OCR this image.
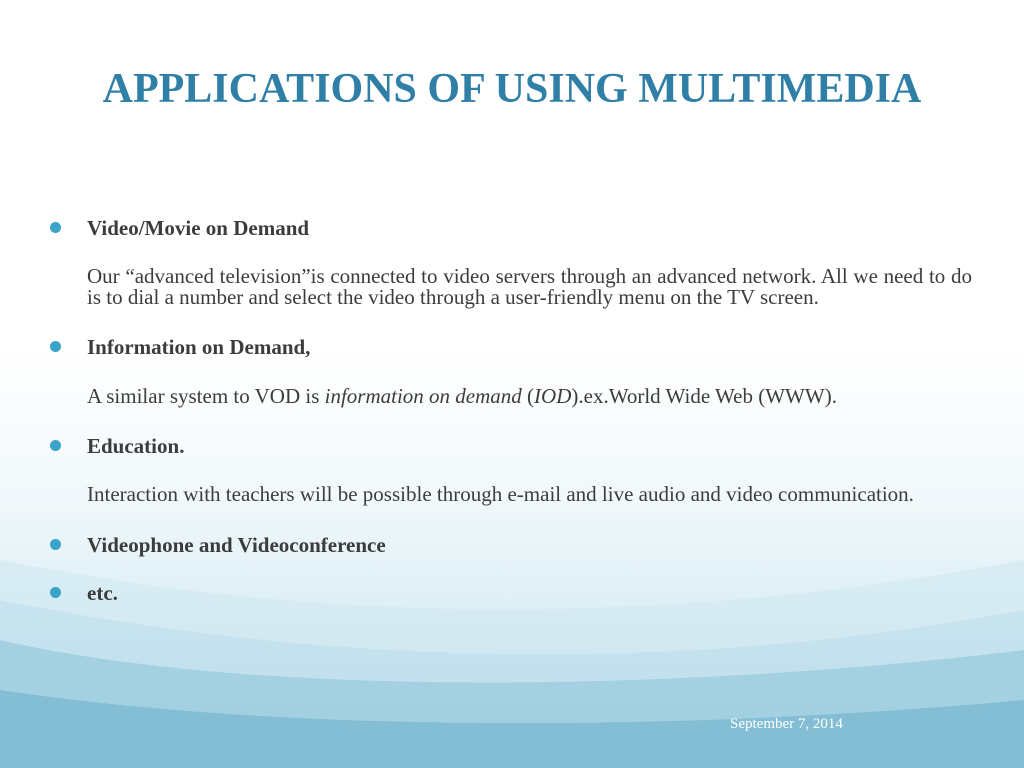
APPLICATIONS OF USING MULTIMEDIA
Video/Movie on Demand
Our “advanced television”is connected to video servers through an advanced network. All we need to do is to dial a number and select the video through a user-friendly menu on the TV screen.
Information on Demand,
A similar system to VOD is information on demand (IOD).ex.World Wide Web (WWW).
Education.
Interaction with teachers will be possible through e-mail and live audio and video communication.
Videophone and Videoconference
etc.
September 7, 2014
